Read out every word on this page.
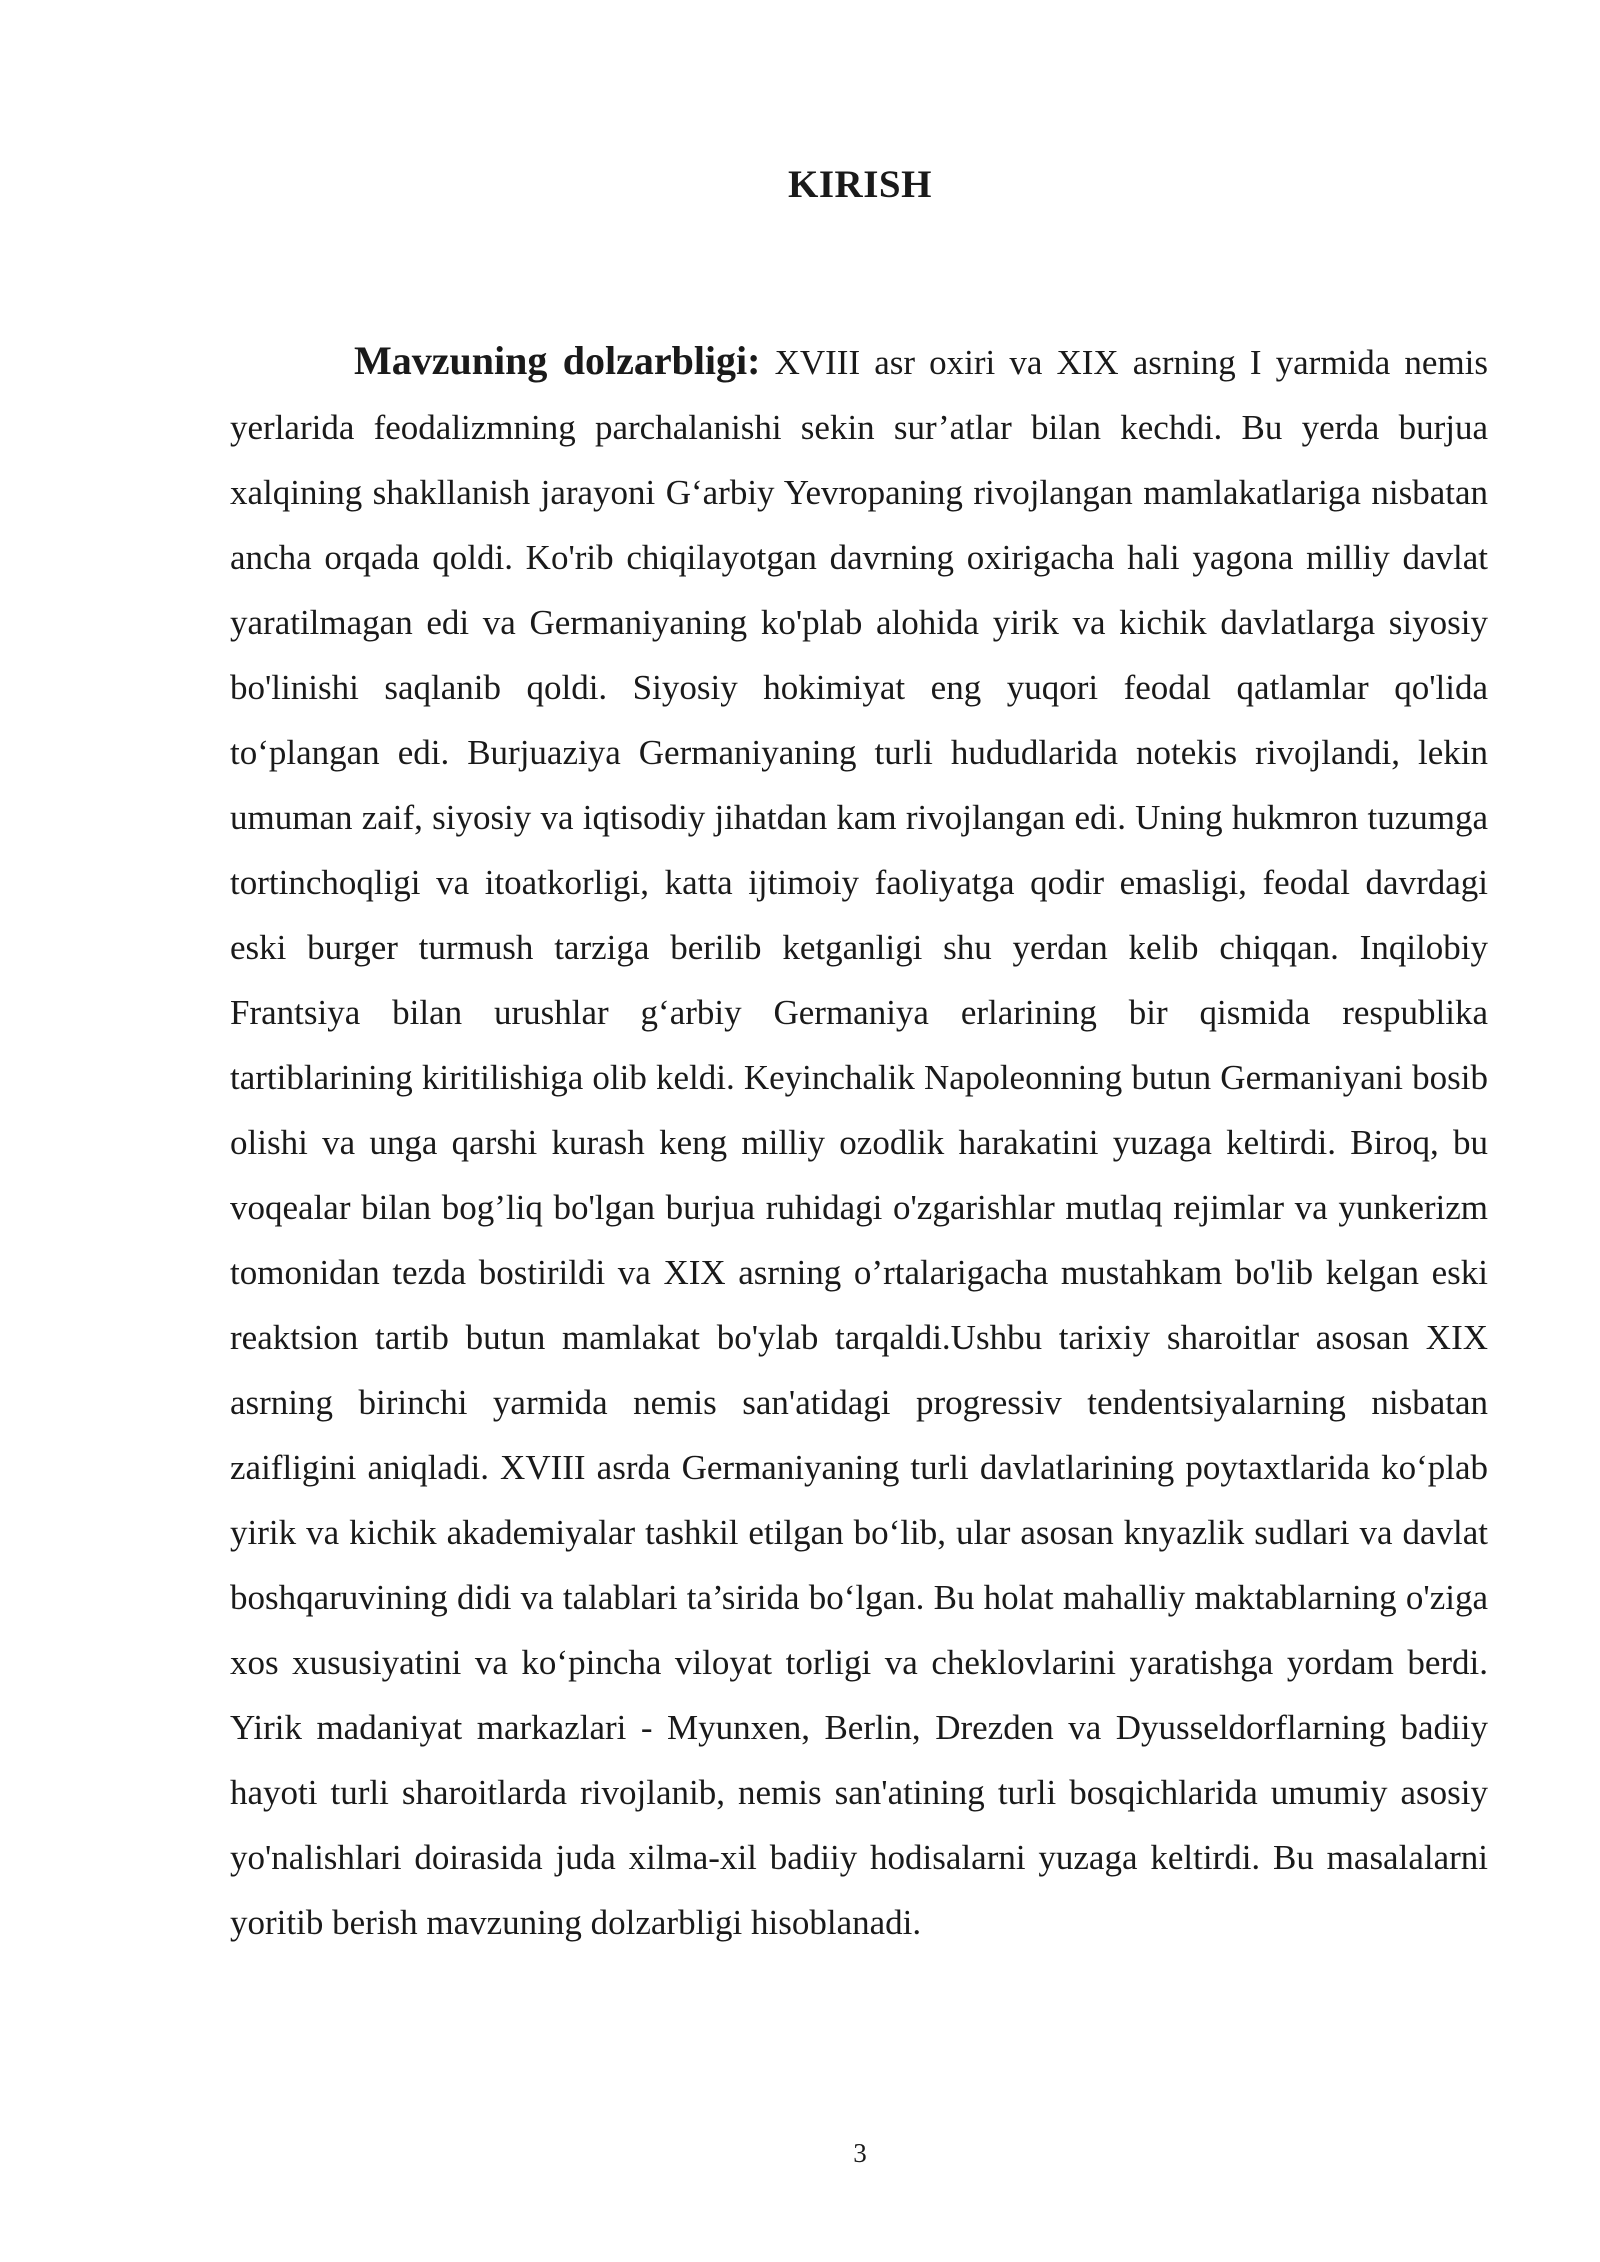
KIRISH

Mavzuning dolzarbligi: XVIII asr oxiri va XIX asrning I yarmida nemis yerlarida feodalizmning parchalanishi sekin sur’atlar bilan kechdi. Bu yerda burjua xalqining shakllanish jarayoni G‘arbiy Yevropaning rivojlangan mamlakatlariga nisbatan ancha orqada qoldi. Ko'rib chiqilayotgan davrning oxirigacha hali yagona milliy davlat yaratilmagan edi va Germaniyaning ko'plab alohida yirik va kichik davlatlarga siyosiy bo'linishi saqlanib qoldi. Siyosiy hokimiyat eng yuqori feodal qatlamlar qo'lida to‘plangan edi. Burjuaziya Germaniyaning turli hududlarida notekis rivojlandi, lekin umuman zaif, siyosiy va iqtisodiy jihatdan kam rivojlangan edi. Uning hukmron tuzumga tortinchoqligi va itoatkorligi, katta ijtimoiy faoliyatga qodir emasligi, feodal davrdagi eski burger turmush tarziga berilib ketganligi shu yerdan kelib chiqqan. Inqilobiy Frantsiya bilan urushlar g‘arbiy Germaniya erlarining bir qismida respublika tartiblarining kiritilishiga olib keldi. Keyinchalik Napoleonning butun Germaniyani bosib olishi va unga qarshi kurash keng milliy ozodlik harakatini yuzaga keltirdi. Biroq, bu voqealar bilan bog’liq bo'lgan burjua ruhidagi o'zgarishlar mutlaq rejimlar va yunkerizm tomonidan tezda bostirildi va XIX asrning o’rtalarigacha mustahkam bo'lib kelgan eski reaktsion tartib butun mamlakat bo'ylab tarqaldi.Ushbu tarixiy sharoitlar asosan XIX asrning birinchi yarmida nemis san'atidagi progressiv tendentsiyalarning nisbatan zaifligini aniqladi. XVIII asrda Germaniyaning turli davlatlarining poytaxtlarida ko‘plab yirik va kichik akademiyalar tashkil etilgan bo‘lib, ular asosan knyazlik sudlari va davlat boshqaruvining didi va talablari ta’sirida bo‘lgan. Bu holat mahalliy maktablarning o'ziga xos xususiyatini va ko‘pincha viloyat torligi va cheklovlarini yaratishga yordam berdi. Yirik madaniyat markazlari - Myunxen, Berlin, Drezden va Dyusseldorflarning badiiy hayoti turli sharoitlarda rivojlanib, nemis san'atining turli bosqichlarida umumiy asosiy yo'nalishlari doirasida juda xilma-xil badiiy hodisalarni yuzaga keltirdi. Bu masalalarni yoritib berish mavzuning dolzarbligi hisoblanadi.

3
